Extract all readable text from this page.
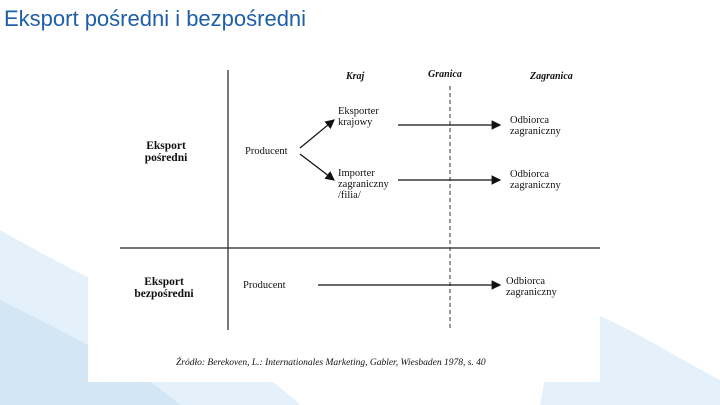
Eksport pośredni i bezpośredni
Kraj	Granica	Zagranica
Eksport
pośredni
Producent
Eksporter
krajowy
Importer
zagraniczny
/filia/
Odbiorca
zagraniczny
Odbiorca
zagraniczny
Eksport
bezpośredni
Producent	Odbiorca
zagraniczny
Źródło: Berekoven, L.: Internationales Marketing, Gabler, Wiesbaden 1978, s. 40
